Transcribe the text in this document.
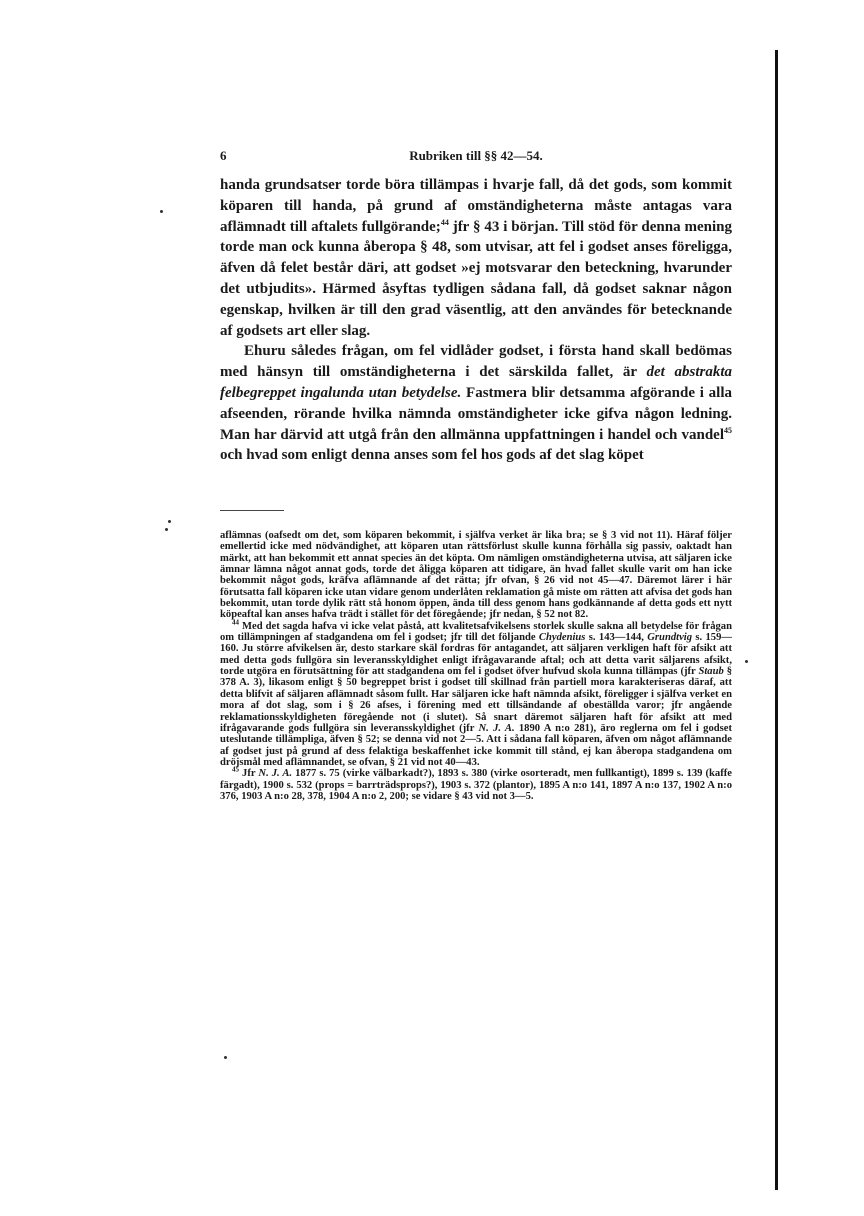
6	Rubriken till §§ 42—54.

handa grundsatser torde böra tillämpas i hvarje fall, då det gods, som kommit köparen till handa, på grund af omständigheterna måste antagas vara aflämnadt till aftalets fullgörande;$^{44}$ jfr § 43 i början. Till stöd för denna mening torde man ock kunna åberopa § 48, som utvisar, att fel i godset anses föreligga, äfven då felet består däri, att godset »ej motsvarar den beteckning, hvarunder det utbjudits». Härmed åsyftas tydligen sådana fall, då godset saknar någon egenskap, hvilken är till den grad väsentlig, att den användes för betecknande af godsets art eller slag.

Ehuru således frågan, om fel vidlåder godset, i första hand skall bedömas med hänsyn till omständigheterna i det särskilda fallet, är det abstrakta felbegreppet ingalunda utan betydelse. Fastmera blir detsamma afgörande i alla afseenden, rörande hvilka nämnda omständigheter icke gifva någon ledning. Man har därvid att utgå från den allmänna uppfattningen i handel och vandel$^{45}$ och hvad som enligt denna anses som fel hos gods af det slag köpet

aflämnas (oafsedt om det, som köparen bekommit, i själfva verket är lika bra; se § 3 vid not 11). Häraf följer emellertid icke med nödvändighet, att köparen utan rättsförlust skulle kunna förhålla sig passiv, oaktadt han märkt, att han bekommit ett annat species än det köpta. Om nämligen omständigheterna utvisa, att säljaren icke ämnar lämna något annat gods, torde det åligga köparen att tidigare, än hvad fallet skulle varit om han icke bekommit något gods, kräfva aflämnande af det rätta; jfr ofvan, § 26 vid not 45—47. Däremot lärer i här förutsatta fall köparen icke utan vidare genom underlåten reklamation gå miste om rätten att afvisa det gods han bekommit, utan torde dylik rätt stå honom öppen, ända till dess genom hans godkännande af detta gods ett nytt köpeaftal kan anses hafva trädt i stället för det föregående; jfr nedan, § 52 not 82.

$^{44}$ Med det sagda hafva vi icke velat påstå, att kvalitetsafvikelsens storlek skulle sakna all betydelse för frågan om tillämpningen af stadgandena om fel i godset; jfr till det följande Chydenius s. 143—144, Grundtvig s. 159—160. Ju större afvikelsen är, desto starkare skäl fordras för antagandet, att säljaren verkligen haft för afsikt att med detta gods fullgöra sin leveransskyldighet enligt ifrågavarande aftal; och att detta varit säljarens afsikt, torde utgöra en förutsättning för att stadgandena om fel i godset öfver hufvud skola kunna tillämpas (jfr Staub § 378 A. 3), likasom enligt § 50 begreppet brist i godset till skillnad från partiell mora karakteriseras däraf, att detta blifvit af säljaren aflämnadt såsom fullt. Har säljaren icke haft nämnda afsikt, föreligger i själfva verket en mora af dot slag, som i § 26 afses, i förening med ett tillsändande af obeställda varor; jfr angående reklamationsskyldigheten föregående not (i slutet). Så snart däremot säljaren haft för afsikt att med ifrågavarande gods fullgöra sin leveransskyldighet (jfr N. J. A. 1890 A n:o 281), äro reglerna om fel i godset uteslutande tillämpliga, äfven § 52; se denna vid not 2—5. Att i sådana fall köparen, äfven om något aflämnande af godset just på grund af dess felaktiga beskaffenhet icke kommit till stånd, ej kan åberopa stadgandena om dröjsmål med aflämnandet, se ofvan, § 21 vid not 40—43.

$^{45}$ Jfr N. J. A. 1877 s. 75 (virke välbarkadt?), 1893 s. 380 (virke osorteradt, men fullkantigt), 1899 s. 139 (kaffe färgadt), 1900 s. 532 (props = barrträdsprops?), 1903 s. 372 (plantor), 1895 A n:o 141, 1897 A n:o 137, 1902 A n:o 376, 1903 A n:o 28, 378, 1904 A n:o 2, 200; se vidare § 43 vid not 3—5.
